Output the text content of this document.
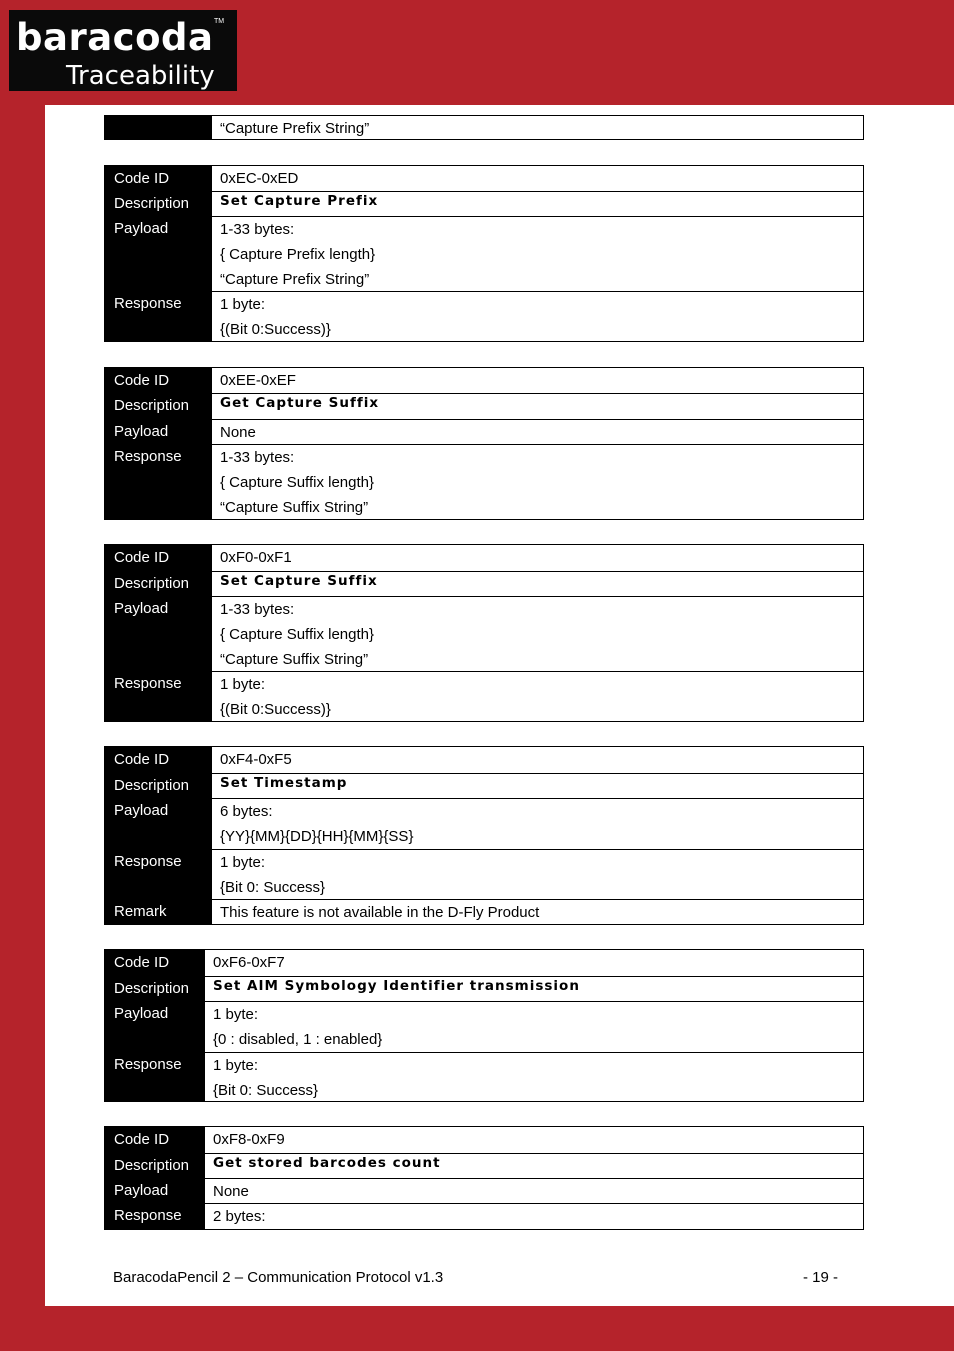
baracoda TM
Traceability
“Capture Prefix String”
Code ID
Description
Payload
Response
0xEC-0xED
Set Capture Prefix
1-33 bytes:
{ Capture Prefix length}
“Capture Prefix String”
1 byte:
{(Bit 0:Success)}
Code ID
Description
Payload
Response
0xEE-0xEF
Get Capture Suffix
None
1-33 bytes:
{ Capture Suffix length}
“Capture Suffix String”
Code ID
Description
Payload
Response
0xF0-0xF1
Set Capture Suffix
1-33 bytes:
{ Capture Suffix length}
“Capture Suffix String”
1 byte:
{(Bit 0:Success)}
Code ID
Description
Payload
Response
Remark
0xF4-0xF5
Set Timestamp
6 bytes:
{YY}{MM}{DD}{HH}{MM}{SS}
1 byte:
{Bit 0: Success}
This feature is not available in the D-Fly Product
Code ID
Description
Payload
Response
0xF6-0xF7
Set AIM Symbology Identifier transmission
1 byte:
{0 : disabled, 1 : enabled}
1 byte:
{Bit 0: Success}
Code ID
Description
Payload
Response
0xF8-0xF9
Get stored barcodes count
None
2 bytes:
BaracodaPencil 2 – Communication Protocol v1.3	- 19 -
